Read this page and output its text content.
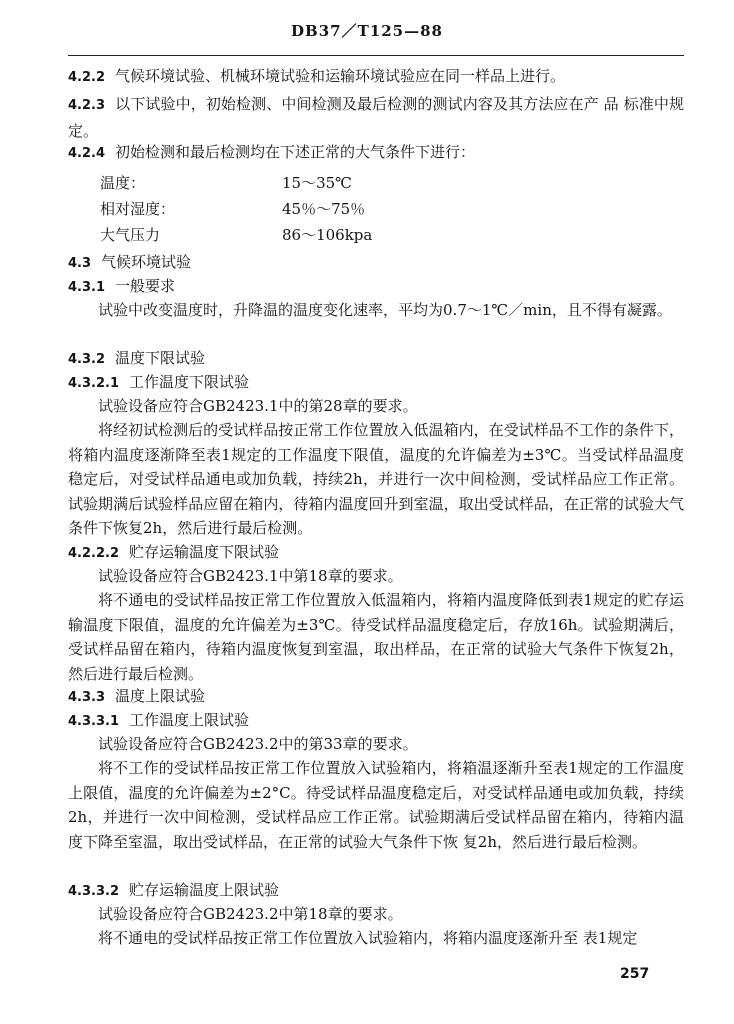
DB37／T125—88
4.2.2 气候环境试验、机械环境试验和运输环境试验应在同一样品上进行。
4.2.3 以下试验中，初始检测、中间检测及最后检测的测试内容及其方法应在产 品 标准中规定。
4.2.4 初始检测和最后检测均在下述正常的大气条件下进行：
温度：	15～35℃
相对湿度：	45％～75％
大气压力	86～106kpa
4.3 气候环境试验
4.3.1 一般要求
试验中改变温度时，升降温的温度变化速率，平均为0.7～1℃／min，且不得有凝露。
4.3.2 温度下限试验
4.3.2.1 工作温度下限试验
试验设备应符合GB2423.1中的第28章的要求。
将经初试检测后的受试样品按正常工作位置放入低温箱内，在受试样品不工作的条件下，将箱内温度逐渐降至表1规定的工作温度下限值，温度的允许偏差为±3℃。当受试样品温度稳定后，对受试样品通电或加负载，持续2h，并进行一次中间检测，受试样品应工作正常。试验期满后试验样品应留在箱内，待箱内温度回升到室温，取出受试样品，在正常的试验大气条件下恢复2h，然后进行最后检测。
4.2.2.2 贮存运输温度下限试验
试验设备应符合GB2423.1中第18章的要求。
将不通电的受试样品按正常工作位置放入低温箱内，将箱内温度降低到表1规定的贮存运输温度下限值，温度的允许偏差为±3℃。待受试样品温度稳定后，存放16h。试验期满后，受试样品留在箱内，待箱内温度恢复到室温，取出样品，在正常的试验大气条件下恢复2h，然后进行最后检测。
4.3.3 温度上限试验
4.3.3.1 工作温度上限试验
试验设备应符合GB2423.2中的第33章的要求。
将不工作的受试样品按正常工作位置放入试验箱内，将箱温逐渐升至表1规定的工作温度上限值，温度的允许偏差为±2°C。待受试样品温度稳定后，对受试样品通电或加负载，持续2h，并进行一次中间检测，受试样品应工作正常。试验期满后受试样品留在箱内，待箱内温度下降至室温，取出受试样品，在正常的试验大气条件下恢 复2h，然后进行最后检测。
4.3.3.2 贮存运输温度上限试验
试验设备应符合GB2423.2中第18章的要求。
将不通电的受试样品按正常工作位置放入试验箱内，将箱内温度逐渐升至 表1规定
257
